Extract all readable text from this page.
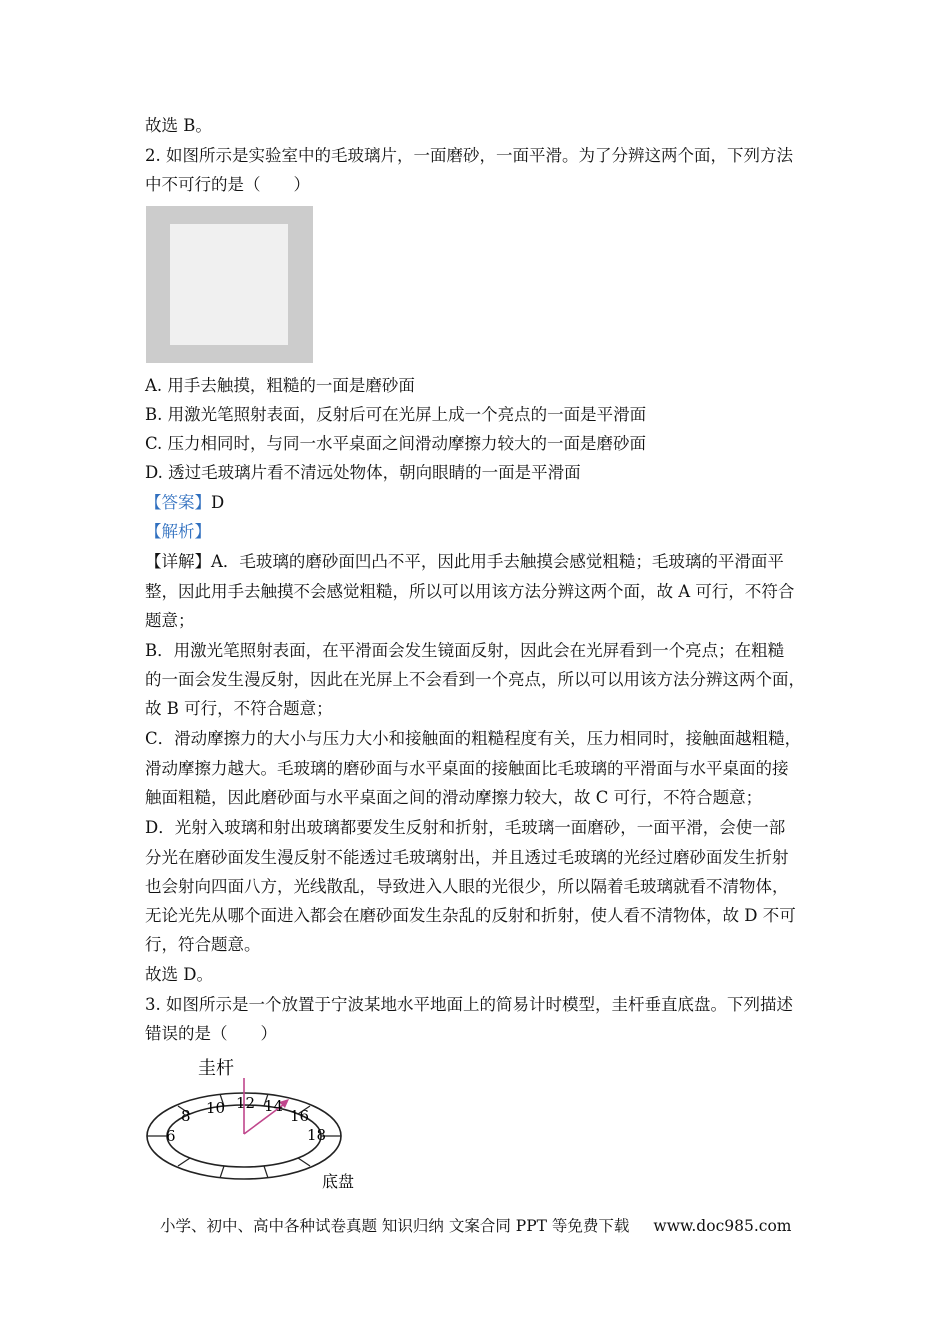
故选 B。
2. 如图所示是实验室中的毛玻璃片，一面磨砂，一面平滑。为了分辨这两个面，下列方法
中不可行的是（　　）
A. 用手去触摸，粗糙的一面是磨砂面
B. 用激光笔照射表面，反射后可在光屏上成一个亮点的一面是平滑面
C. 压力相同时，与同一水平桌面之间滑动摩擦力较大的一面是磨砂面
D. 透过毛玻璃片看不清远处物体，朝向眼睛的一面是平滑面
【答案】D
【解析】
【详解】A．毛玻璃的磨砂面凹凸不平，因此用手去触摸会感觉粗糙；毛玻璃的平滑面平
整，因此用手去触摸不会感觉粗糙，所以可以用该方法分辨这两个面，故 A 可行，不符合
题意；
B．用激光笔照射表面，在平滑面会发生镜面反射，因此会在光屏看到一个亮点；在粗糙
的一面会发生漫反射，因此在光屏上不会看到一个亮点，所以可以用该方法分辨这两个面，
故 B 可行，不符合题意；
C．滑动摩擦力的大小与压力大小和接触面的粗糙程度有关，压力相同时，接触面越粗糙，
滑动摩擦力越大。毛玻璃的磨砂面与水平桌面的接触面比毛玻璃的平滑面与水平桌面的接
触面粗糙，因此磨砂面与水平桌面之间的滑动摩擦力较大，故 C 可行，不符合题意；
D．光射入玻璃和射出玻璃都要发生反射和折射，毛玻璃一面磨砂，一面平滑，会使一部
分光在磨砂面发生漫反射不能透过毛玻璃射出，并且透过毛玻璃的光经过磨砂面发生折射
也会射向四面八方，光线散乱，导致进入人眼的光很少，所以隔着毛玻璃就看不清物体，
无论光先从哪个面进入都会在磨砂面发生杂乱的反射和折射，使人看不清物体，故 D 不可
行，符合题意。
故选 D。
3. 如图所示是一个放置于宁波某地水平地面上的简易计时模型，圭杆垂直底盘。下列描述
错误的是（　　）
圭杆
底盘
6
8 10 12 14
16
18
小学、初中、高中各种试卷真题 知识归纳 文案合同 PPT 等免费下载 www.doc985.com
